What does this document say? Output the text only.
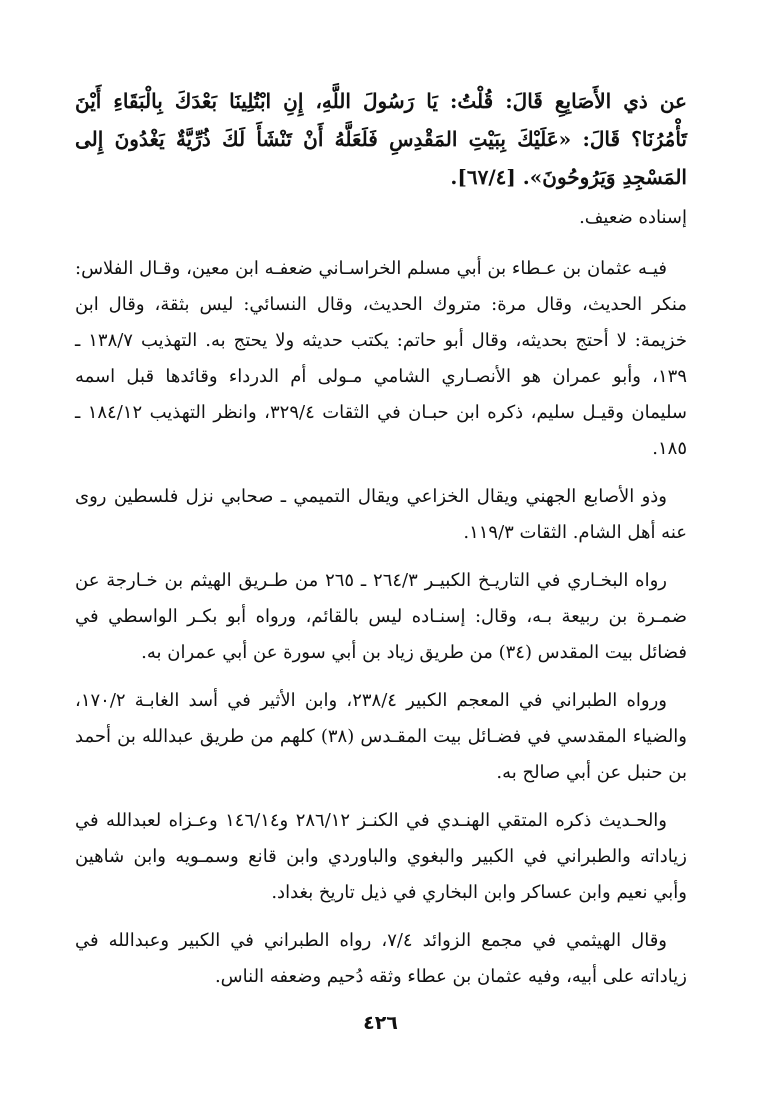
عن ذي الأَصَابِعِ قَالَ: قُلْتُ: يَا رَسُولَ اللَّهِ، إِنِ ابْتُلِينَا بَعْدَكَ بِالْبَقَاءِ أَيْنَ تَأْمُرُنَا؟ قَالَ: «عَلَيْكَ بِبَيْتِ المَقْدِسِ فَلَعَلَّهُ أَنْ تَنْشَأَ لَكَ ذُرِّيَّةٌ يَغْدُونَ إِلى المَسْجِدِ وَيَرُوحُونَ». [٦٧/٤].

إسناده ضعيف.

فيـه عثمان بن عـطاء بن أبي مسلم الخراسـاني ضعفـه ابن معين، وقـال الفلاس: منكر الحديث، وقال مرة: متروك الحديث، وقال النسائي: ليس بثقة، وقال ابن خزيمة: لا أحتج بحديثه، وقال أبو حاتم: يكتب حديثه ولا يحتج به. التهذيب ١٣٨/٧ ـ ١٣٩، وأبو عمران هو الأنصـاري الشامي مـولى أم الدرداء وقائدها قبل اسمه سليمان وقيـل سليم، ذكره ابن حبـان في الثقات ٣٢٩/٤، وانظر التهذيب ١٨٤/١٢ ـ ١٨٥.

وذو الأصابع الجهني ويقال الخزاعي ويقال التميمي ـ صحابي نزل فلسطين روى عنه أهل الشام. الثقات ١١٩/٣.

رواه البخـاري في التاريـخ الكبيـر ٢٦٤/٣ ـ ٢٦٥ من طـريق الهيثم بن خـارجة عن ضمـرة بن ربيعة بـه، وقال: إسنـاده ليس بالقائم، ورواه أبو بكـر الواسطي في فضائل بيت المقدس (٣٤) من طريق زياد بن أبي سورة عن أبي عمران به.

ورواه الطبراني في المعجم الكبير ٢٣٨/٤، وابن الأثير في أسد الغابـة ١٧٠/٢، والضياء المقدسي في فضـائل بيت المقـدس (٣٨) كلهم من طريق عبدالله بن أحمد بن حنبل عن أبي صالح به.

والحـديث ذكره المتقي الهنـدي في الكنـز ٢٨٦/١٢ و١٤٦/١٤ وعـزاه لعبدالله في زياداته والطبراني في الكبير والبغوي والباوردي وابن قانع وسمـويه وابن شاهين وأبي نعيم وابن عساكر وابن البخاري في ذيل تاريخ بغداد.

وقال الهيثمي في مجمع الزوائد ٧/٤، رواه الطبراني في الكبير وعبدالله في زياداته على أبيه، وفيه عثمان بن عطاء وثقه دُحيم وضعفه الناس.

٤٢٦
